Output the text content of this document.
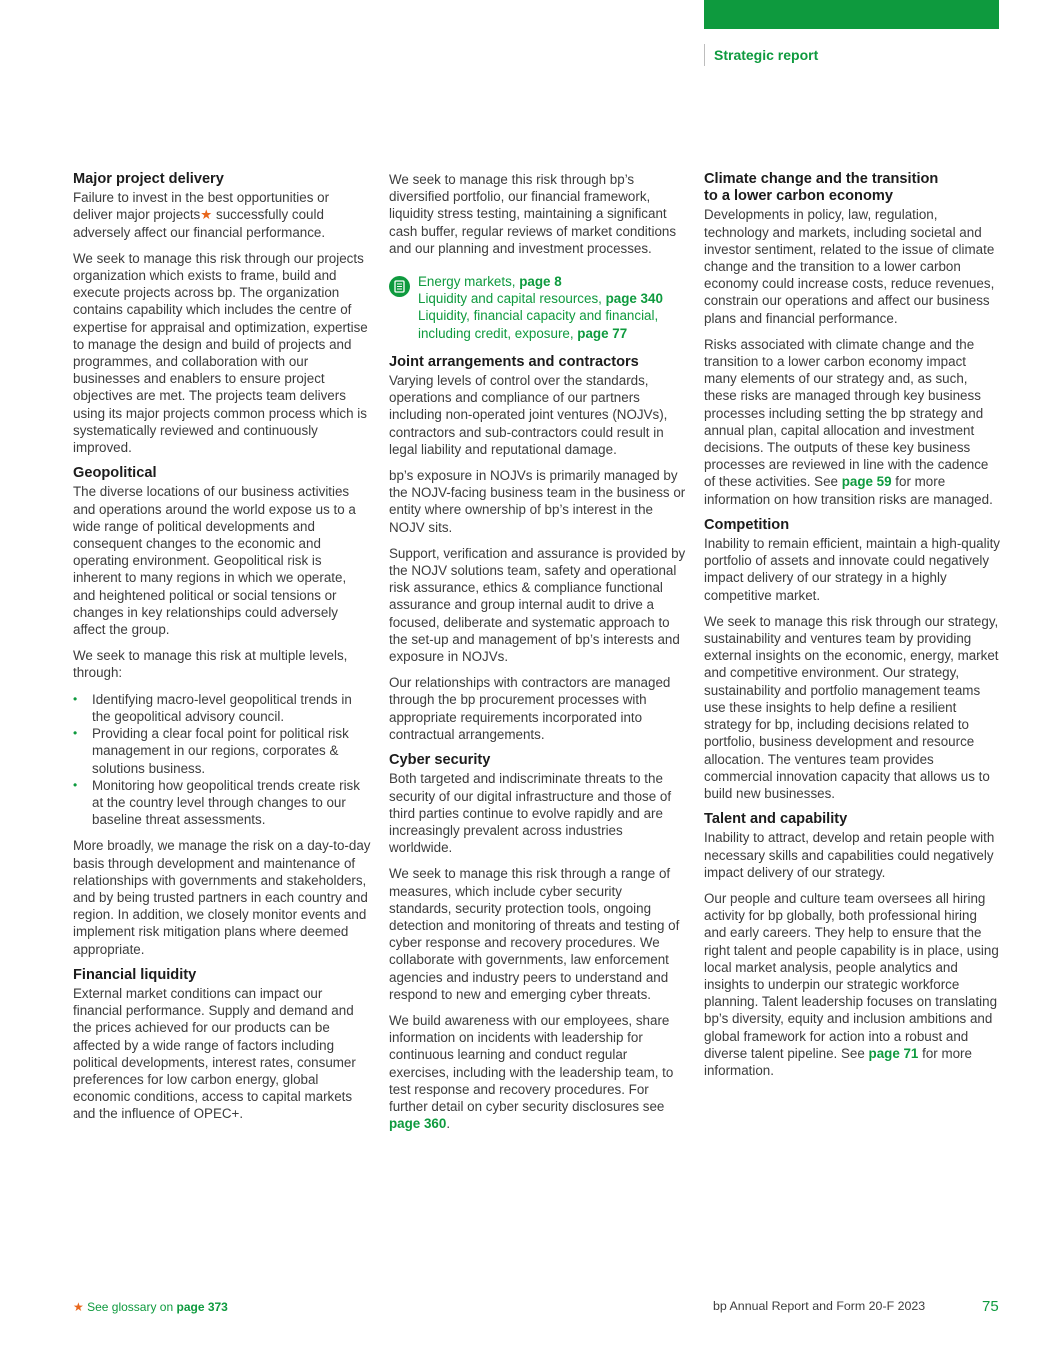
Strategic report
Major project delivery

Failure to invest in the best opportunities or deliver major projects★ successfully could adversely affect our financial performance.

We seek to manage this risk through our projects organization which exists to frame, build and execute projects across bp. The organization contains capability which includes the centre of expertise for appraisal and optimization, expertise to manage the design and build of projects and programmes, and collaboration with our businesses and enablers to ensure project objectives are met. The projects team delivers using its major projects common process which is systematically reviewed and continuously improved.

Geopolitical

The diverse locations of our business activities and operations around the world expose us to a wide range of political developments and consequent changes to the economic and operating environment. Geopolitical risk is inherent to many regions in which we operate, and heightened political or social tensions or changes in key relationships could adversely affect the group.

We seek to manage this risk at multiple levels, through:

• Identifying macro-level geopolitical trends in the geopolitical advisory council.
• Providing a clear focal point for political risk management in our regions, corporates & solutions business.
• Monitoring how geopolitical trends create risk at the country level through changes to our baseline threat assessments.

More broadly, we manage the risk on a day-to-day basis through development and maintenance of relationships with governments and stakeholders, and by being trusted partners in each country and region. In addition, we closely monitor events and implement risk mitigation plans where deemed appropriate.

Financial liquidity

External market conditions can impact our financial performance. Supply and demand and the prices achieved for our products can be affected by a wide range of factors including political developments, interest rates, consumer preferences for low carbon energy, global economic conditions, access to capital markets and the influence of OPEC+.

We seek to manage this risk through bp’s diversified portfolio, our financial framework, liquidity stress testing, maintaining a significant cash buffer, regular reviews of market conditions and our planning and investment processes.

Energy markets, page 8
Liquidity and capital resources, page 340
Liquidity, financial capacity and financial, including credit, exposure, page 77
Joint arrangements and contractors

Varying levels of control over the standards, operations and compliance of our partners including non-operated joint ventures (NOJVs), contractors and sub-contractors could result in legal liability and reputational damage.

bp’s exposure in NOJVs is primarily managed by the NOJV-facing business team in the business or entity where ownership of bp’s interest in the NOJV sits.

Support, verification and assurance is provided by the NOJV solutions team, safety and operational risk assurance, ethics & compliance functional assurance and group internal audit to drive a focused, deliberate and systematic approach to the set-up and management of bp’s interests and exposure in NOJVs.

Our relationships with contractors are managed through the bp procurement processes with appropriate requirements incorporated into contractual arrangements.

Cyber security

Both targeted and indiscriminate threats to the security of our digital infrastructure and those of third parties continue to evolve rapidly and are increasingly prevalent across industries worldwide.

We seek to manage this risk through a range of measures, which include cyber security standards, security protection tools, ongoing detection and monitoring of threats and testing of cyber response and recovery procedures. We collaborate with governments, law enforcement agencies and industry peers to understand and respond to new and emerging cyber threats.

We build awareness with our employees, share information on incidents with leadership for continuous learning and conduct regular exercises, including with the leadership team, to test response and recovery procedures. For further detail on cyber security disclosures see page 360.

Climate change and the transition
to a lower carbon economy

Developments in policy, law, regulation, technology and markets, including societal and investor sentiment, related to the issue of climate change and the transition to a lower carbon economy could increase costs, reduce revenues, constrain our operations and affect our business plans and financial performance.

Risks associated with climate change and the transition to a lower carbon economy impact many elements of our strategy and, as such, these risks are managed through key business processes including setting the bp strategy and annual plan, capital allocation and investment decisions. The outputs of these key business processes are reviewed in line with the cadence of these activities. See page 59 for more information on how transition risks are managed.

Competition

Inability to remain efficient, maintain a high-quality portfolio of assets and innovate could negatively impact delivery of our strategy in a highly competitive market.

We seek to manage this risk through our strategy, sustainability and ventures team by providing external insights on the economic, energy, market and competitive environment. Our strategy, sustainability and portfolio management teams use these insights to help define a resilient strategy for bp, including decisions related to portfolio, business development and resource allocation. The ventures team provides commercial innovation capacity that allows us to build new businesses.

Talent and capability

Inability to attract, develop and retain people with necessary skills and capabilities could negatively impact delivery of our strategy.

Our people and culture team oversees all hiring activity for bp globally, both professional hiring and early careers. They help to ensure that the right talent and people capability is in place, using local market analysis, people analytics and insights to underpin our strategic workforce planning. Talent leadership focuses on translating bp’s diversity, equity and inclusion ambitions and global framework for action into a robust and diverse talent pipeline. See page 71 for more information.

★ See glossary on page 373	bp Annual Report and Form 20-F 2023	75
